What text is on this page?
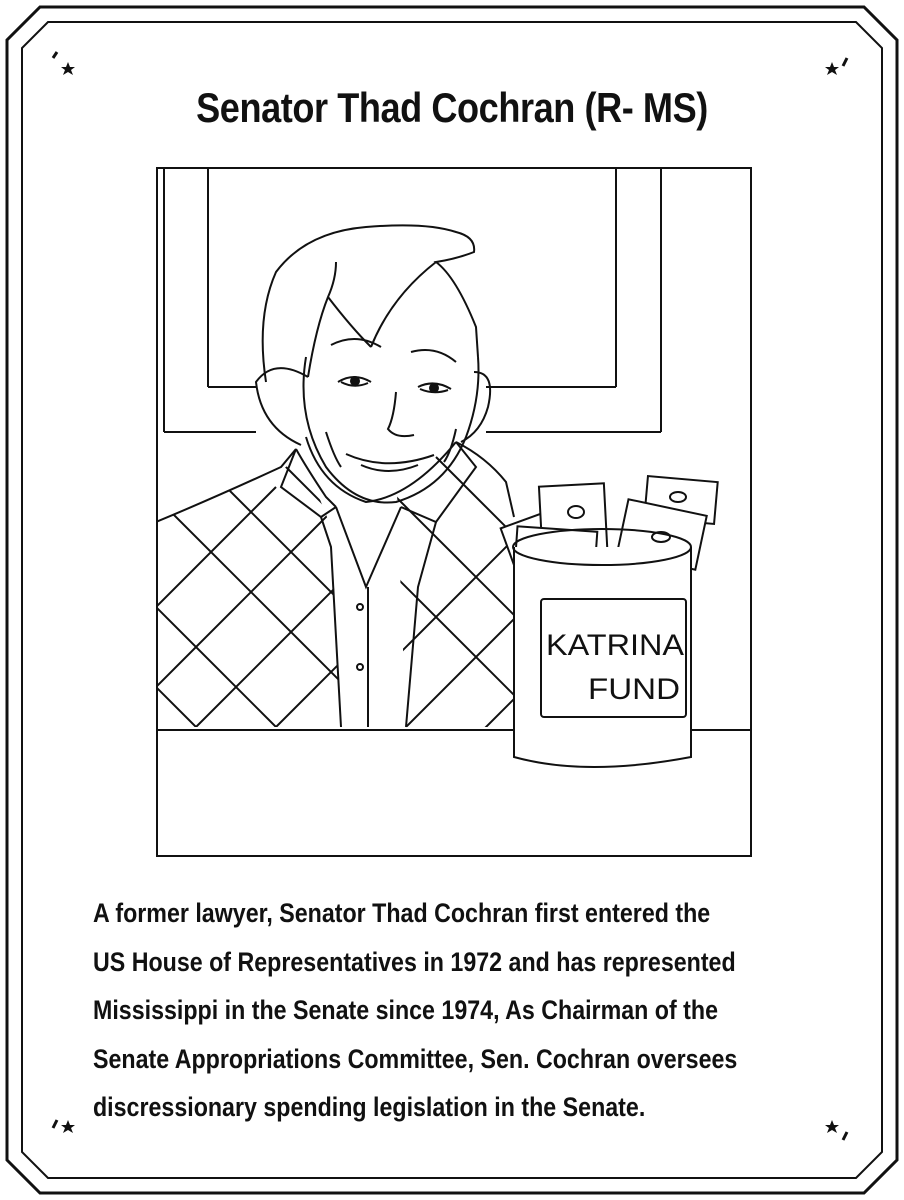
Senator Thad Cochran (R- MS)
KATRINA
FUND
A former lawyer, Senator Thad Cochran first entered the
US House of Representatives in 1972 and has represented
Mississippi in the Senate since 1974, As Chairman of the
Senate Appropriations Committee, Sen. Cochran oversees
discressionary spending legislation in the Senate.
